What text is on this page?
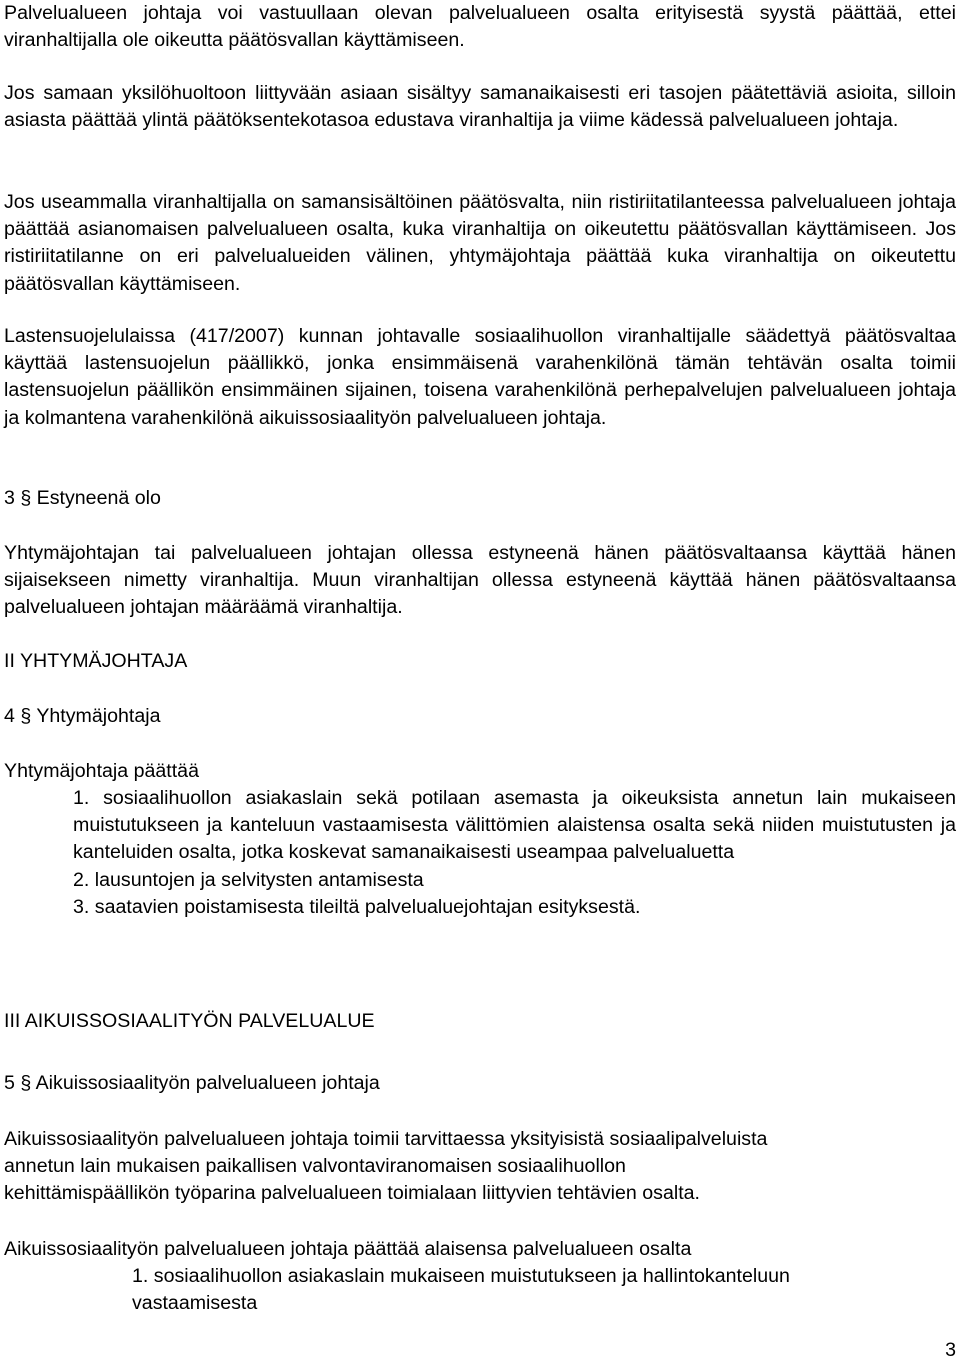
Palvelualueen johtaja voi vastuullaan olevan palvelualueen osalta erityisestä syystä päättää, ettei viranhaltijalla ole oikeutta päätösvallan käyttämiseen.

Jos samaan yksilöhuoltoon liittyvään asiaan sisältyy samanaikaisesti eri tasojen päätettäviä asioita, silloin asiasta päättää ylintä päätöksentekotasoa edustava viranhaltija ja viime kädessä palvelualueen johtaja.

Jos useammalla viranhaltijalla on samansisältöinen päätösvalta, niin ristiriitatilanteessa palvelualueen johtaja päättää asianomaisen palvelualueen osalta, kuka viranhaltija on oikeutettu päätösvallan käyttämiseen. Jos ristiriitatilanne on eri palvelualueiden välinen, yhtymäjohtaja päättää kuka viranhaltija on oikeutettu päätösvallan käyttämiseen.

Lastensuojelulaissa (417/2007) kunnan johtavalle sosiaalihuollon viranhaltijalle säädettyä päätösvaltaa käyttää lastensuojelun päällikkö, jonka ensimmäisenä varahenkilönä tämän tehtävän osalta toimii lastensuojelun päällikön ensimmäinen sijainen, toisena varahenkilönä perhepalvelujen palvelualueen johtaja ja kolmantena varahenkilönä aikuissosiaalityön palvelualueen johtaja.

3 § Estyneenä olo

Yhtymäjohtajan tai palvelualueen johtajan ollessa estyneenä hänen päätösvaltaansa käyttää hänen sijaisekseen nimetty viranhaltija. Muun viranhaltijan ollessa estyneenä käyttää hänen päätösvaltaansa palvelualueen johtajan määräämä viranhaltija.

II YHTYMÄJOHTAJA

4 § Yhtymäjohtaja

Yhtymäjohtaja päättää

1. sosiaalihuollon asiakaslain sekä potilaan asemasta ja oikeuksista annetun lain mukaiseen muistutukseen ja kanteluun vastaamisesta välittömien alaistensa osalta sekä niiden muistutusten ja kanteluiden osalta, jotka koskevat samanaikaisesti useampaa palvelualuetta

2. lausuntojen ja selvitysten antamisesta

3. saatavien poistamisesta tileiltä palvelualuejohtajan esityksestä.

III AIKUISSOSIAALITYÖN PALVELUALUE

5 § Aikuissosiaalityön palvelualueen johtaja

Aikuissosiaalityön palvelualueen johtaja toimii tarvittaessa yksityisistä sosiaalipalveluista

annetun lain mukaisen paikallisen valvontaviranomaisen sosiaalihuollon

kehittämispäällikön työparina palvelualueen toimialaan liittyvien tehtävien osalta.

Aikuissosiaalityön palvelualueen johtaja päättää alaisensa palvelualueen osalta

1. sosiaalihuollon asiakaslain mukaiseen muistutukseen ja hallintokanteluun vastaamisesta

3
